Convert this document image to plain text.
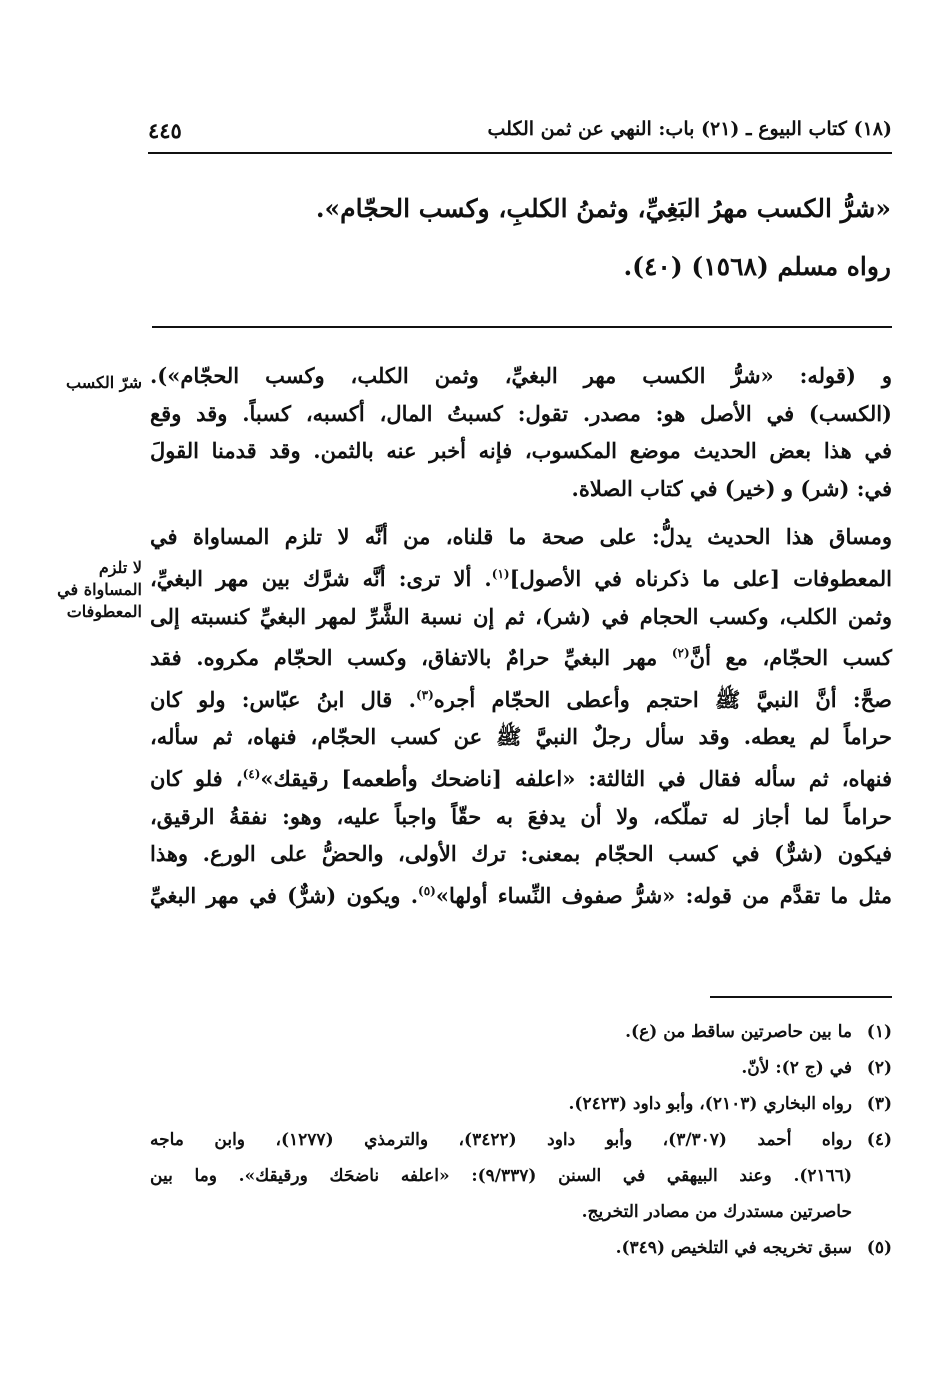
(١٨) كتاب البيوع ـ (٢١) باب: النهي عن ثمن الكلب
٤٤٥

«شرُّ الكسب مهرُ البَغِيِّ، وثمنُ الكلبِ، وكسب الحجّام».

رواه مسلم (١٥٦٨) (٤٠).

شرّ الكسب
لا تلزم
المساواة في
المعطوفات

و (قوله: «شرُّ الكسب مهر البغيِّ، وثمن الكلب، وكسب الحجّام»).
(الكسب) في الأصل هو: مصدر. تقول: كسبتُ المال، أكسبه، كسباً. وقد وقع
في هذا بعض الحديث موضع المكسوب، فإنه أخبر عنه بالثمن. وقد قدمنا القولَ
في: (شر) و (خير) في كتاب الصلاة.

ومساق هذا الحديث يدلُّ: على صحة ما قلناه، من أنَّه لا تلزم المساواة في
المعطوفات [على ما ذكرناه في الأصول]$^{(١)}$. ألا ترى: أنَّه شرَّك بين مهر البغيِّ،
وثمن الكلب، وكسب الحجام في (شر)، ثم إن نسبة الشَّرِّ لمهر البغيِّ كنسبته إلى
كسب الحجّام، مع أنَّ$^{(٢)}$ مهر البغيِّ حرامٌ بالاتفاق، وكسب الحجّام مكروه. فقد
صحَّ: أنَّ النبيَّ ﷺ احتجم وأعطى الحجّام أجره$^{(٣)}$. قال ابنُ عبّاس: ولو كان
حراماً لم يعطه. وقد سأل رجلٌ النبيَّ ﷺ عن كسب الحجّام، فنهاه، ثم سأله،
فنهاه، ثم سأله فقال في الثالثة: «اعلفه [ناضحك وأطعمه] رقيقك»$^{(٤)}$، فلو كان
حراماً لما أجاز له تملّكه، ولا أن يدفعَ به حقّاً واجباً عليه، وهو: نفقةُ الرقيق،
فيكون (شرٌّ) في كسب الحجّام بمعنى: ترك الأولى، والحضُّ على الورع. وهذا
مثل ما تقدَّم من قوله: «شرُّ صفوف النِّساء أولها»$^{(٥)}$. ويكون (شرٌّ) في مهر البغيِّ

(١)
ما بين حاصرتين ساقط من (ع).
(٢)
في (ج ٢): لأنّ.
(٣)
رواه البخاري (٢١٠٣)، وأبو داود (٢٤٢٣).
(٤)
رواه أحمد (٣/٣٠٧)، وأبو داود (٣٤٢٢)، والترمذي (١٢٧٧)، وابن ماجه
(٢١٦٦). وعند البيهقي في السنن (٩/٣٣٧): «اعلفه ناضحَك ورقيقك». وما بين
حاصرتين مستدرك من مصادر التخريج.
(٥)
سبق تخريجه في التلخيص (٣٤٩).
